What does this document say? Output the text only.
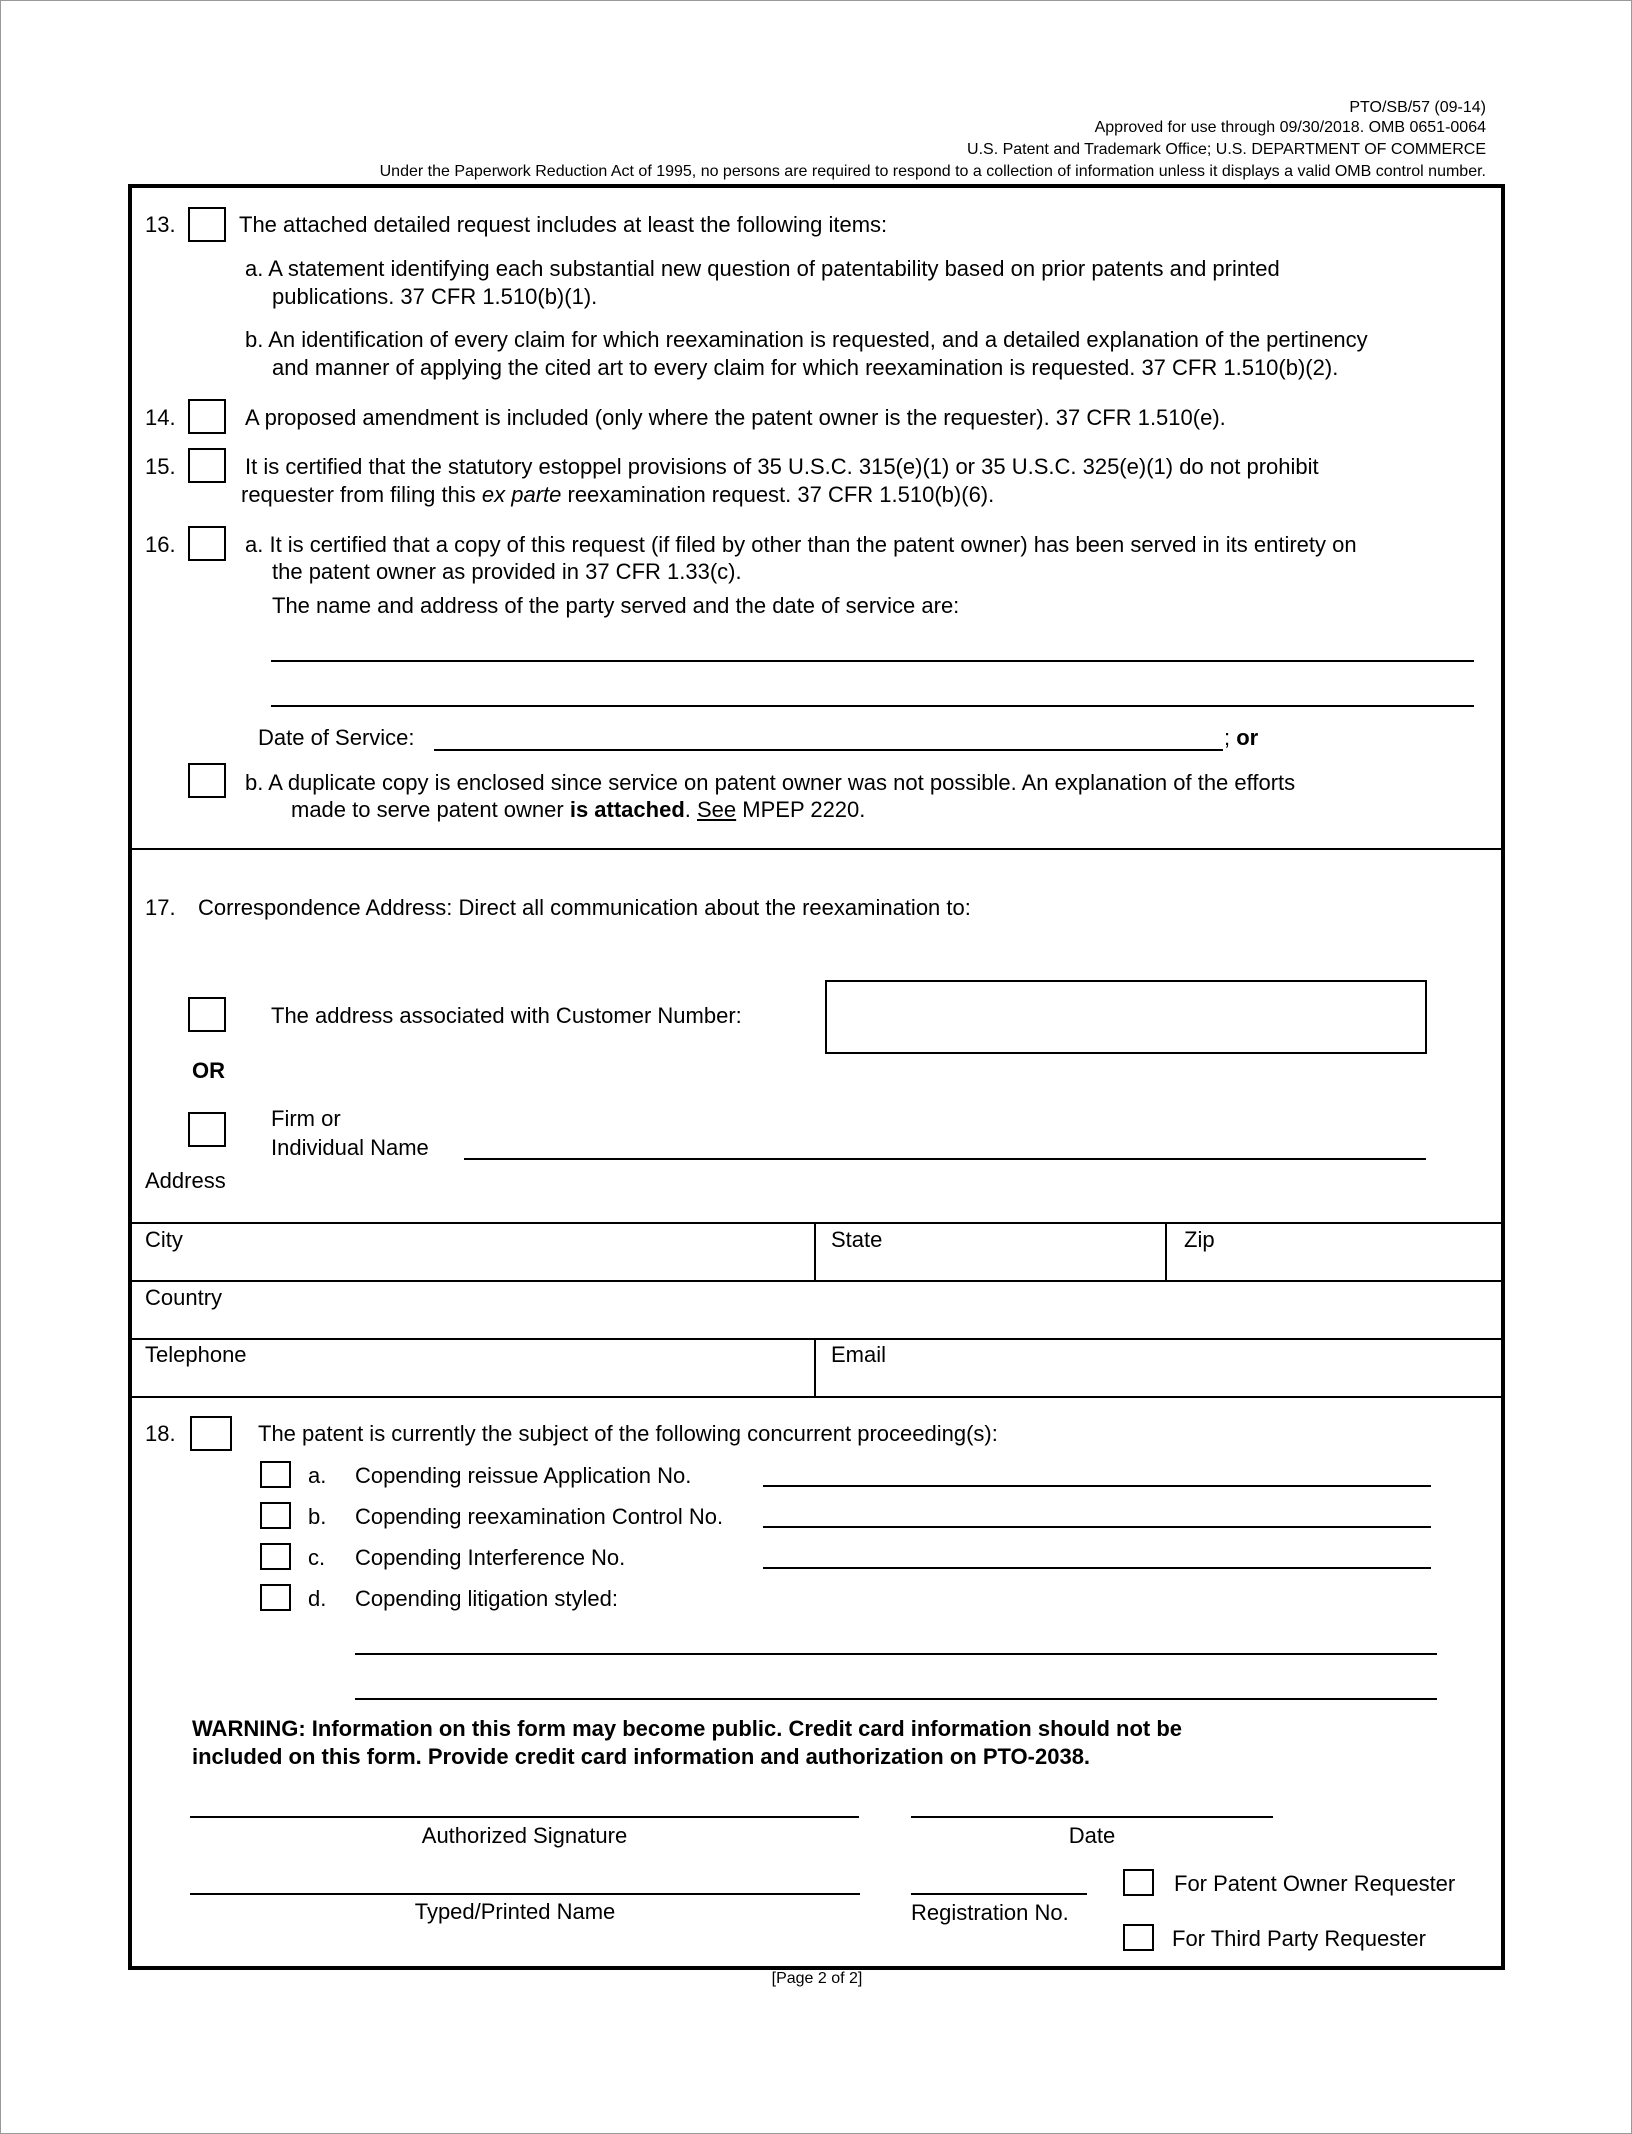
PTO/SB/57 (09-14)
Approved for use through 09/30/2018. OMB 0651-0064
U.S. Patent and Trademark Office; U.S. DEPARTMENT OF COMMERCE
Under the Paperwork Reduction Act of 1995, no persons are required to respond to a collection of information unless it displays a valid OMB control number.
13.	The attached detailed request includes at least the following items:
a. A statement identifying each substantial new question of patentability based on prior patents and printed
publications. 37 CFR 1.510(b)(1).
b. An identification of every claim for which reexamination is requested, and a detailed explanation of the pertinency
and manner of applying the cited art to every claim for which reexamination is requested. 37 CFR 1.510(b)(2).
14.	A proposed amendment is included (only where the patent owner is the requester). 37 CFR 1.510(e).
15.	It is certified that the statutory estoppel provisions of 35 U.S.C. 315(e)(1) or 35 U.S.C. 325(e)(1) do not prohibit
requester from filing this ex parte reexamination request. 37 CFR 1.510(b)(6).
16.	a. It is certified that a copy of this request (if filed by other than the patent owner) has been served in its entirety on
the patent owner as provided in 37 CFR 1.33(c).
The name and address of the party served and the date of service are:
Date of Service:	; or
b. A duplicate copy is enclosed since service on patent owner was not possible. An explanation of the efforts
made to serve patent owner is attached. See MPEP 2220.
17. Correspondence Address: Direct all communication about the reexamination to:
The address associated with Customer Number:
OR
Firm or
Individual Name
Address
City	State	Zip
Country
Telephone	Email
18.	The patent is currently the subject of the following concurrent proceeding(s):
a. Copending reissue Application No.
b. Copending reexamination Control No.
c. Copending Interference No.
d. Copending litigation styled:
WARNING: Information on this form may become public. Credit card information should not be
included on this form. Provide credit card information and authorization on PTO-2038.
Authorized Signature	Date
Typed/Printed Name	Registration No.
For Patent Owner Requester
For Third Party Requester
[Page 2 of 2]
